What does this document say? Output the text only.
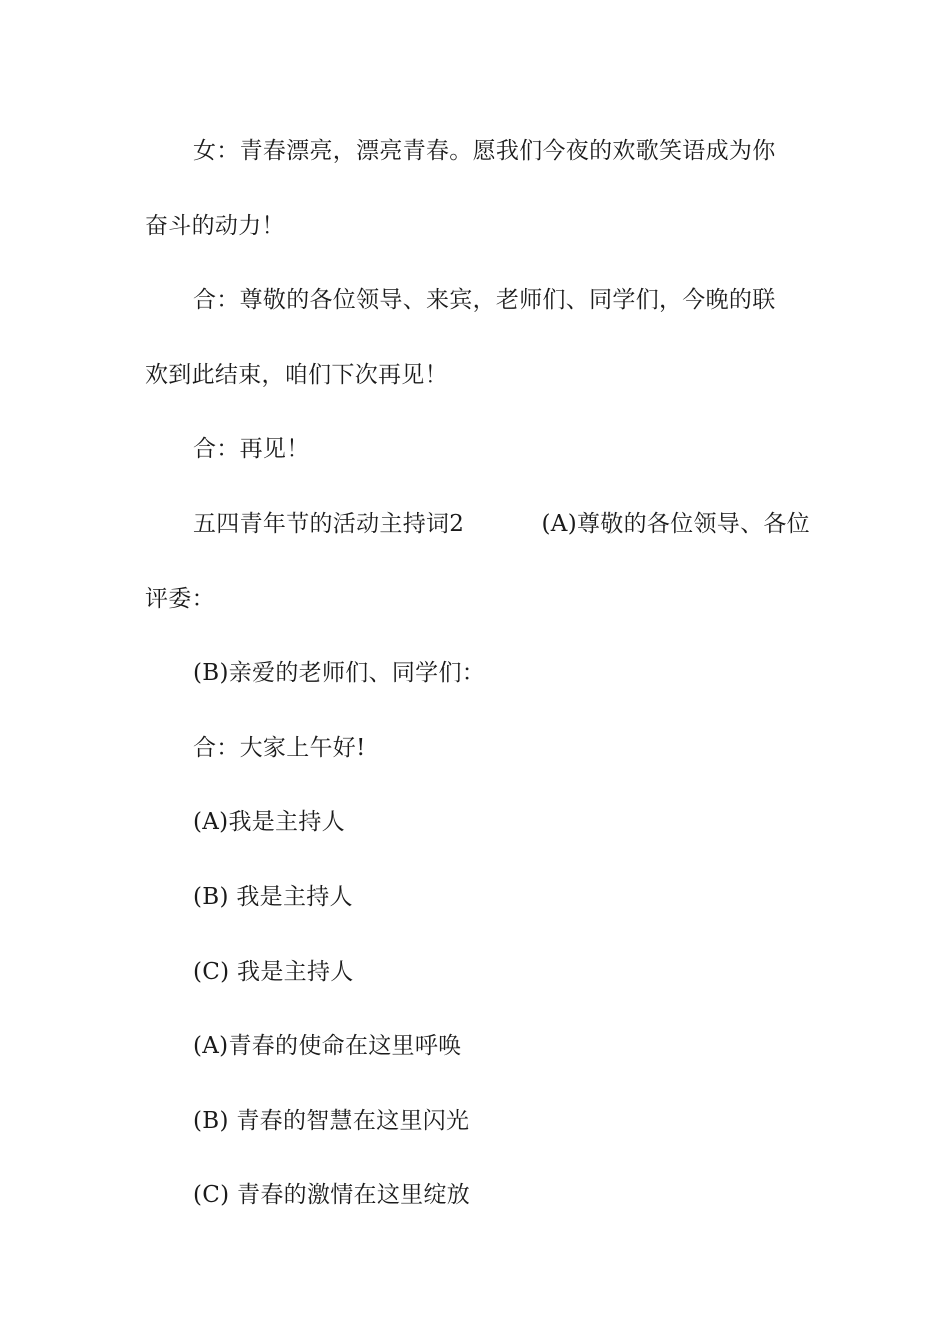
女：青春漂亮，漂亮青春。愿我们今夜的欢歌笑语成为你

奋斗的动力！

合：尊敬的各位领导、来宾，老师们、同学们，今晚的联

欢到此结束，咱们下次再见！

合：再见！

五四青年节的活动主持词2	(A)尊敬的各位领导、各位

评委：

(B)亲爱的老师们、同学们：

合：大家上午好!

(A)我是主持人

(B) 我是主持人

(C) 我是主持人

(A)青春的使命在这里呼唤

(B) 青春的智慧在这里闪光

(C) 青春的激情在这里绽放
